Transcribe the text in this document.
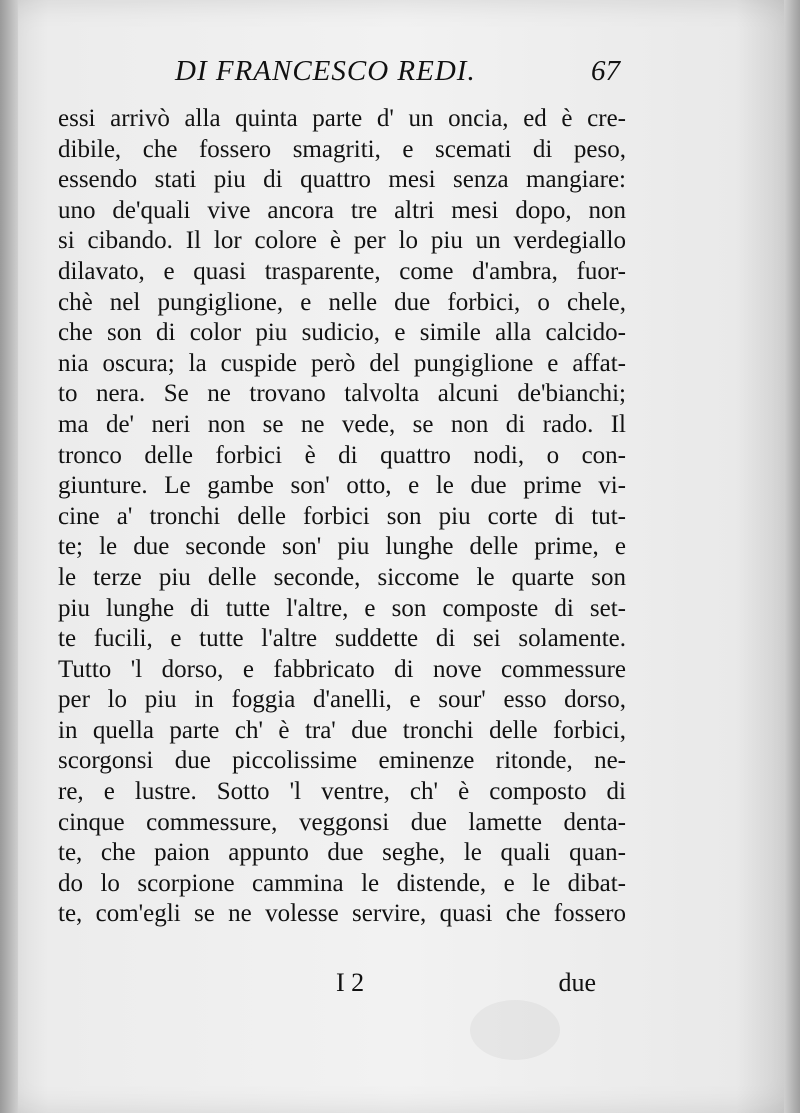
DI FRANCESCO REDI.	67
essi arrivò alla quinta parte d' un oncia, ed è cre-
dibile, che fossero smagriti, e scemati di peso,
essendo stati piu di quattro mesi senza mangiare:
uno de'quali vive ancora tre altri mesi dopo, non
si cibando. Il lor colore è per lo piu un verdegiallo
dilavato, e quasi trasparente, come d'ambra, fuor-
chè nel pungiglione, e nelle due forbici, o chele,
che son di color piu sudicio, e simile alla calcido-
nia oscura; la cuspide però del pungiglione e affat-
to nera. Se ne trovano talvolta alcuni de'bianchi;
ma de' neri non se ne vede, se non di rado. Il
tronco delle forbici è di quattro nodi, o con-
giunture. Le gambe son' otto, e le due prime vi-
cine a' tronchi delle forbici son piu corte di tut-
te; le due seconde son' piu lunghe delle prime, e
le terze piu delle seconde, siccome le quarte son
piu lunghe di tutte l'altre, e son composte di set-
te fucili, e tutte l'altre suddette di sei solamente.
Tutto 'l dorso, e fabbricato di nove commessure
per lo piu in foggia d'anelli, e sour' esso dorso,
in quella parte ch' è tra' due tronchi delle forbici,
scorgonsi due piccolissime eminenze ritonde, ne-
re, e lustre. Sotto 'l ventre, ch' è composto di
cinque commessure, veggonsi due lamette denta-
te, che paion appunto due seghe, le quali quan-
do lo scorpione cammina le distende, e le dibat-
te, com'egli se ne volesse servire, quasi che fossero
I 2	due
